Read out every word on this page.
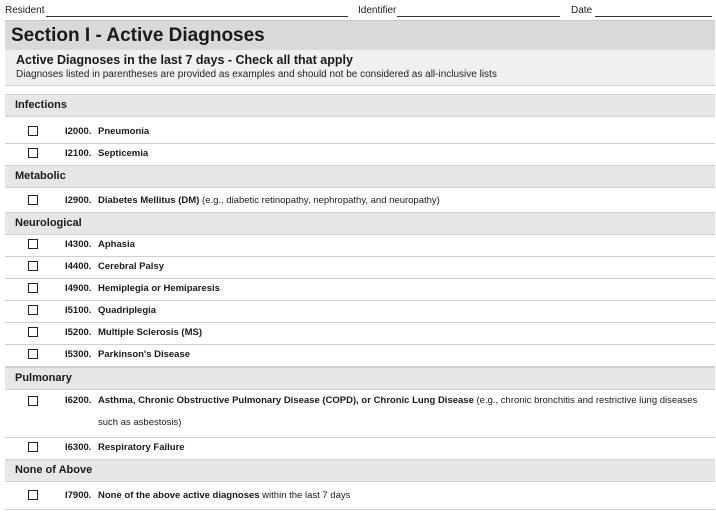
Resident	Identifier	Date
Section I - Active Diagnoses
Active Diagnoses in the last 7 days - Check all that apply
Diagnoses listed in parentheses are provided as examples and should not be considered as all-inclusive lists
Infections
I2000. Pneumonia
I2100. Septicemia
Metabolic
I2900. Diabetes Mellitus (DM) (e.g., diabetic retinopathy, nephropathy, and neuropathy)
Neurological
I4300. Aphasia
I4400. Cerebral Palsy
I4900. Hemiplegia or Hemiparesis
I5100. Quadriplegia
I5200. Multiple Sclerosis (MS)
I5300. Parkinson's Disease
Pulmonary
I6200. Asthma, Chronic Obstructive Pulmonary Disease (COPD), or Chronic Lung Disease (e.g., chronic bronchitis and restrictive lung diseases such as asbestosis)
I6300. Respiratory Failure
None of Above
I7900. None of the above active diagnoses within the last 7 days
